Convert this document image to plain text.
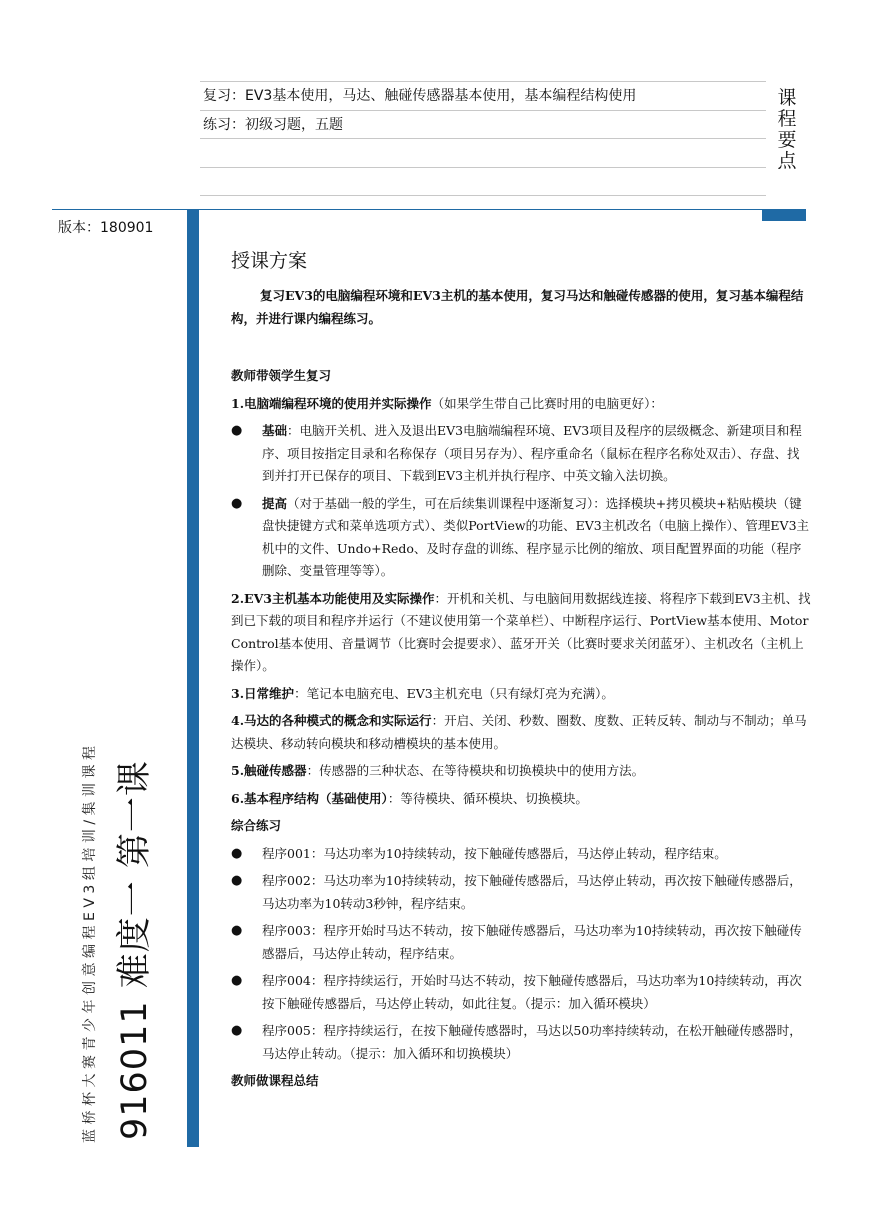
复习：EV3基本使用，马达、触碰传感器基本使用，基本编程结构使用
练习：初级习题，五题
课
程
要
点
版本：180901
蓝桥杯大赛青少年创意编程EV3组培训/集训课程 916011 难度一 第一课
授课方案
复习EV3的电脑编程环境和EV3主机的基本使用，复习马达和触碰传感器的使用，复习基本编程结构，并进行课内编程练习。
教师带领学生复习
1.电脑端编程环境的使用并实际操作（如果学生带自己比赛时用的电脑更好）：
●	基础：电脑开关机、进入及退出EV3电脑端编程环境、EV3项目及程序的层级概念、新建项目和程序、项目按指定目录和名称保存（项目另存为）、程序重命名（鼠标在程序名称处双击）、存盘、找到并打开已保存的项目、下载到EV3主机并执行程序、中英文输入法切换。
●	提高（对于基础一般的学生，可在后续集训课程中逐渐复习）：选择模块+拷贝模块+粘贴模块（键盘快捷键方式和菜单选项方式）、类似PortView的功能、EV3主机改名（电脑上操作）、管理EV3主机中的文件、Undo+Redo、及时存盘的训练、程序显示比例的缩放、项目配置界面的功能（程序删除、变量管理等等）。
2.EV3主机基本功能使用及实际操作：开机和关机、与电脑间用数据线连接、将程序下载到EV3主机、找到已下载的项目和程序并运行（不建议使用第一个菜单栏）、中断程序运行、PortView基本使用、Motor Control基本使用、音量调节（比赛时会提要求）、蓝牙开关（比赛时要求关闭蓝牙）、主机改名（主机上操作）。
3.日常维护：笔记本电脑充电、EV3主机充电（只有绿灯亮为充满）。
4.马达的各种模式的概念和实际运行：开启、关闭、秒数、圈数、度数、正转反转、制动与不制动；单马达模块、移动转向模块和移动槽模块的基本使用。
5.触碰传感器：传感器的三种状态、在等待模块和切换模块中的使用方法。
6.基本程序结构（基础使用）：等待模块、循环模块、切换模块。
综合练习
●	程序001：马达功率为10持续转动，按下触碰传感器后，马达停止转动，程序结束。
●	程序002：马达功率为10持续转动，按下触碰传感器后，马达停止转动，再次按下触碰传感器后，马达功率为10转动3秒钟，程序结束。
●	程序003：程序开始时马达不转动，按下触碰传感器后，马达功率为10持续转动，再次按下触碰传感器后，马达停止转动，程序结束。
●	程序004：程序持续运行，开始时马达不转动，按下触碰传感器后，马达功率为10持续转动，再次按下触碰传感器后，马达停止转动，如此往复。（提示：加入循环模块）
●	程序005：程序持续运行，在按下触碰传感器时，马达以50功率持续转动，在松开触碰传感器时，马达停止转动。（提示：加入循环和切换模块）
教师做课程总结
